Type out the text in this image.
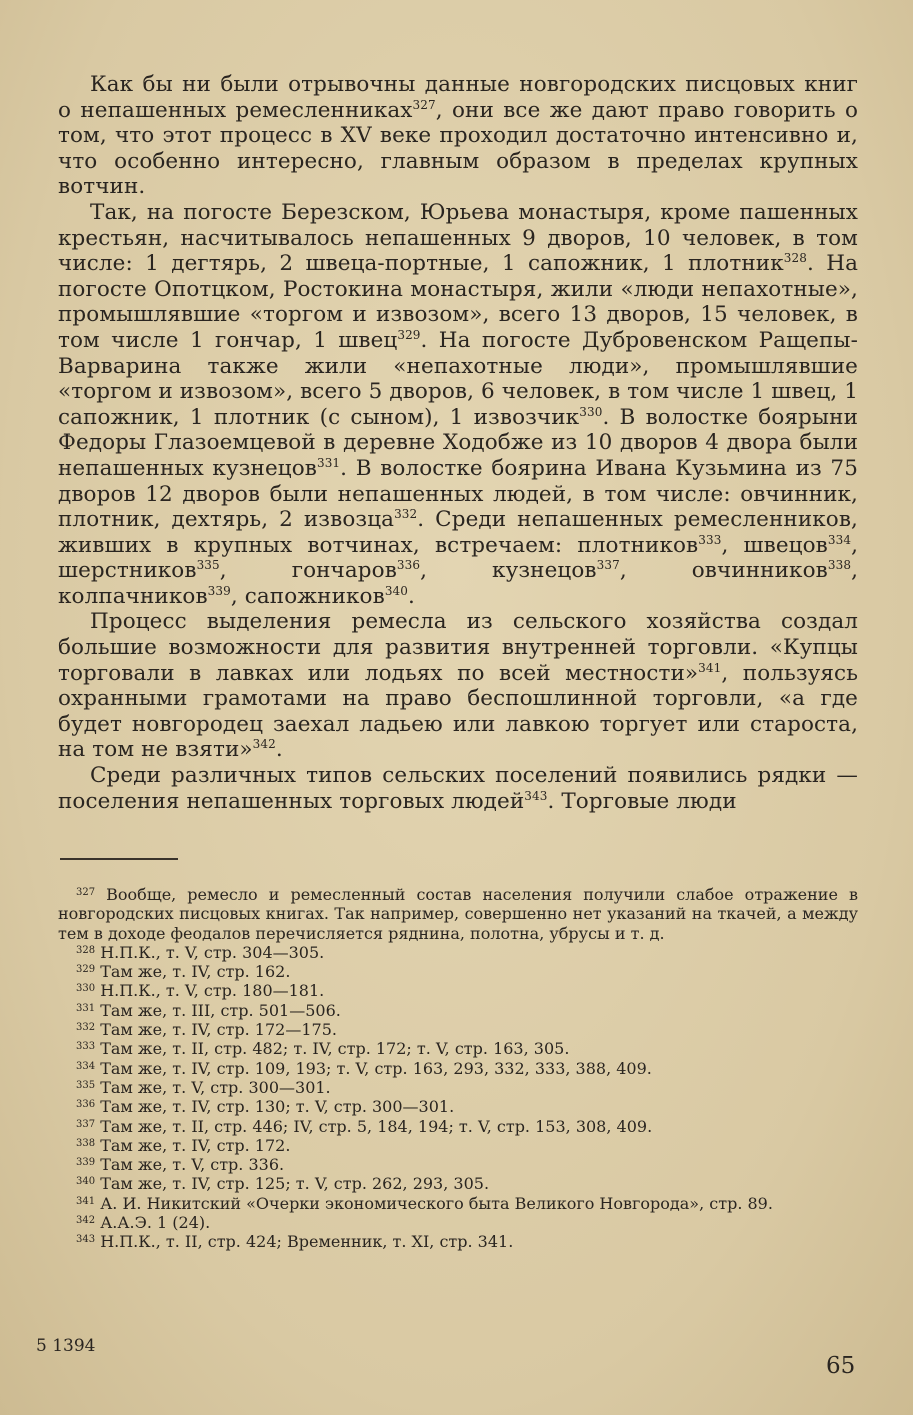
Как бы ни были отрывочны данные новгородских писцовых книг о непашенных ремесленниках$^{327}$, они все же дают право говорить о том, что этот процесс в XV веке проходил достаточно интенсивно и, что особенно интересно, главным образом в пределах крупных вотчин.

Так, на погосте Березском, Юрьева монастыря, кроме пашенных крестьян, насчитывалось непашенных 9 дворов, 10 человек, в том числе: 1 дегтярь, 2 швеца-портные, 1 сапожник, 1 плотник$^{328}$. На погосте Опотцком, Ростокина монастыря, жили «люди непахотные», промышлявшие «торгом и извозом», всего 13 дворов, 15 человек, в том числе 1 гончар, 1 швец$^{329}$. На погосте Дубровенском Ращепы-Варварина также жили «непахотные люди», промышлявшие «торгом и извозом», всего 5 дворов, 6 человек, в том числе 1 швец, 1 сапожник, 1 плотник (с сыном), 1 извозчик$^{330}$. В волостке боярыни Федоры Глазоемцевой в деревне Ходобже из 10 дворов 4 двора были непашенных кузнецов$^{331}$. В волостке боярина Ивана Кузьмина из 75 дворов 12 дворов были непашенных людей, в том числе: овчинник, плотник, дехтярь, 2 извозца$^{332}$. Среди непашенных ремесленников, живших в крупных вотчинах, встречаем: плотников$^{333}$, швецов$^{334}$, шерстников$^{335}$, гончаров$^{336}$, кузнецов$^{337}$, овчинников$^{338}$, колпачников$^{339}$, сапожников$^{340}$.

Процесс выделения ремесла из сельского хозяйства создал большие возможности для развития внутренней торговли. «Купцы торговали в лавках или лодьях по всей местности»$^{341}$, пользуясь охранными грамотами на право беспошлинной торговли, «а где будет новгородец заехал ладьею или лавкою торгует или староста, на том не взяти»$^{342}$.

Среди различных типов сельских поселений появились рядки — поселения непашенных торговых людей$^{343}$. Торговые люди

$^{327}$ Вообще, ремесло и ремесленный состав населения получили слабое отражение в новгородских писцовых книгах. Так например, совершенно нет указаний на ткачей, а между тем в доходе феодалов перечисляется ряднина, полотна, убрусы и т. д.

$^{328}$ Н.П.К., т. V, стр. 304—305.

$^{329}$ Там же, т. IV, стр. 162.

$^{330}$ Н.П.К., т. V, стр. 180—181.

$^{331}$ Там же, т. III, стр. 501—506.

$^{332}$ Там же, т. IV, стр. 172—175.

$^{333}$ Там же, т. II, стр. 482; т. IV, стр. 172; т. V, стр. 163, 305.

$^{334}$ Там же, т. IV, стр. 109, 193; т. V, стр. 163, 293, 332, 333, 388, 409.

$^{335}$ Там же, т. V, стр. 300—301.

$^{336}$ Там же, т. IV, стр. 130; т. V, стр. 300—301.

$^{337}$ Там же, т. II, стр. 446; IV, стр. 5, 184, 194; т. V, стр. 153, 308, 409.

$^{338}$ Там же, т. IV, стр. 172.

$^{339}$ Там же, т. V, стр. 336.

$^{340}$ Там же, т. IV, стр. 125; т. V, стр. 262, 293, 305.

$^{341}$ А. И. Никитский «Очерки экономического быта Великого Новгорода», стр. 89.

$^{342}$ А.А.Э. 1 (24).

$^{343}$ Н.П.К., т. II, стр. 424; Временник, т. XI, стр. 341.

5 1394
65
